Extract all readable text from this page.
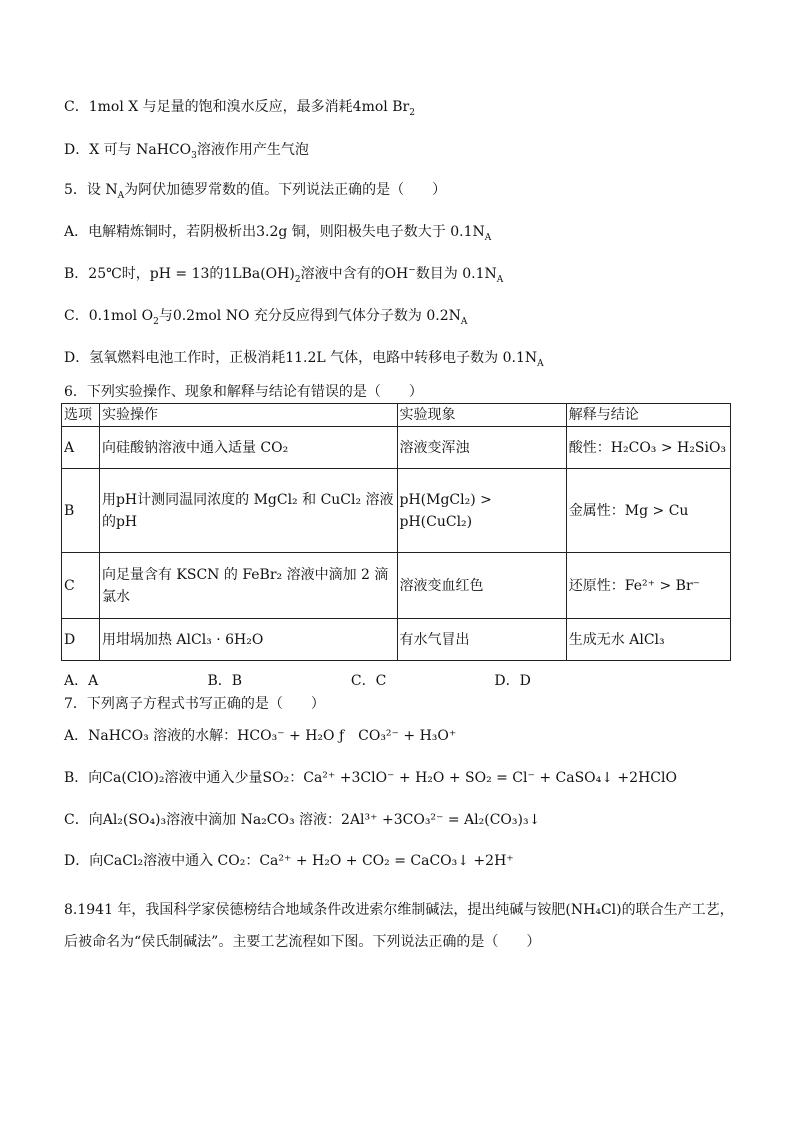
C．1mol X 与足量的饱和溴水反应，最多消耗4mol $Br_2$
D．X 可与 NaHCO$_3$溶液作用产生气泡
5．设 $N_A$为阿伏加德罗常数的值。下列说法正确的是（　　）
A．电解精炼铜时，若阴极析出3.2g 铜，则阳极失电子数大于 $0.1N_A$
B．25℃时，pH = 13的$1LBa(OH)_2$溶液中含有的OH−数目为 $0.1N_A$
C．0.1mol $O_2$与0.2mol NO 充分反应得到气体分子数为 $0.2N_A$
D．氢氧燃料电池工作时，正极消耗11.2L 气体，电路中转移电子数为 $0.1N_A$
6．下列实验操作、现象和解释与结论有错误的是（　　）
选项	实验操作	实验现象	解释与结论
A	向硅酸钠溶液中通入适量 CO₂	溶液变浑浊	酸性：H₂CO₃ > H₂SiO₃
B	用pH计测同温同浓度的 MgCl₂ 和 CuCl₂ 溶液的pH	pH(MgCl₂) > pH(CuCl₂)	金属性：Mg > Cu
C	向足量含有 KSCN 的 FeBr₂ 溶液中滴加 2 滴氯水	溶液变血红色	还原性：Fe²⁺ > Br⁻
D	用坩埚加热 AlCl₃ · 6H₂O	有水气冒出	生成无水 AlCl₃
A．A	B．B	C．C	D．D
7．下列离子方程式书写正确的是（　　）
A．NaHCO₃ 溶液的水解：HCO₃⁻ + H₂O ƒ　CO₃²⁻ + H₃O⁺
B．向Ca(ClO)₂溶液中通入少量SO₂：Ca²⁺ +3ClO⁻ + H₂O + SO₂ = Cl⁻ + CaSO₄↓ +2HClO
C．向Al₂(SO₄)₃溶液中滴加 Na₂CO₃ 溶液：2Al³⁺ +3CO₃²⁻ = Al₂(CO₃)₃↓
D．向CaCl₂溶液中通入 CO₂：Ca²⁺ + H₂O + CO₂ = CaCO₃↓ +2H⁺
8.1941 年，我国科学家侯德榜结合地域条件改进索尔维制碱法，提出纯碱与铵肥(NH₄Cl)的联合生产工艺，后被命名为“侯氏制碱法”。主要工艺流程如下图。下列说法正确的是（　　）
